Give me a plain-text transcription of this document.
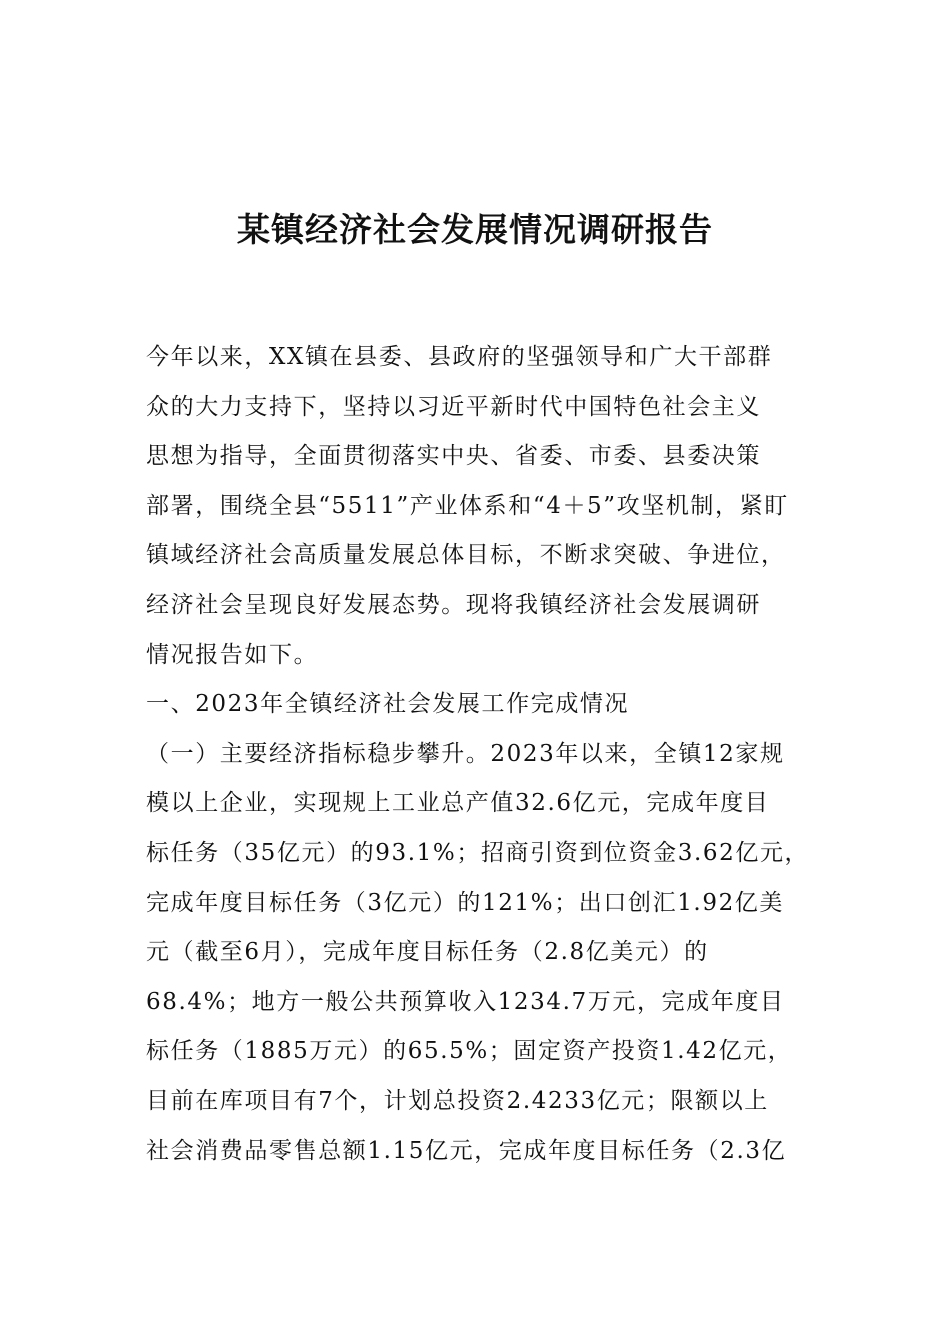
某镇经济社会发展情况调研报告
今年以来，XX镇在县委、县政府的坚强领导和广大干部群
众的大力支持下，坚持以习近平新时代中国特色社会主义
思想为指导，全面贯彻落实中央、省委、市委、县委决策
部署，围绕全县“5511”产业体系和“4＋5”攻坚机制，紧盯
镇域经济社会高质量发展总体目标，不断求突破、争进位，
经济社会呈现良好发展态势。现将我镇经济社会发展调研
情况报告如下。
一、2023年全镇经济社会发展工作完成情况
（一）主要经济指标稳步攀升。2023年以来，全镇12家规
模以上企业，实现规上工业总产值32.6亿元，完成年度目
标任务（35亿元）的93.1%；招商引资到位资金3.62亿元，
完成年度目标任务（3亿元）的121%；出口创汇1.92亿美
元（截至6月），完成年度目标任务（2.8亿美元）的
68.4%；地方一般公共预算收入1234.7万元，完成年度目
标任务（1885万元）的65.5%；固定资产投资1.42亿元，
目前在库项目有7个，计划总投资2.4233亿元；限额以上
社会消费品零售总额1.15亿元，完成年度目标任务（2.3亿
